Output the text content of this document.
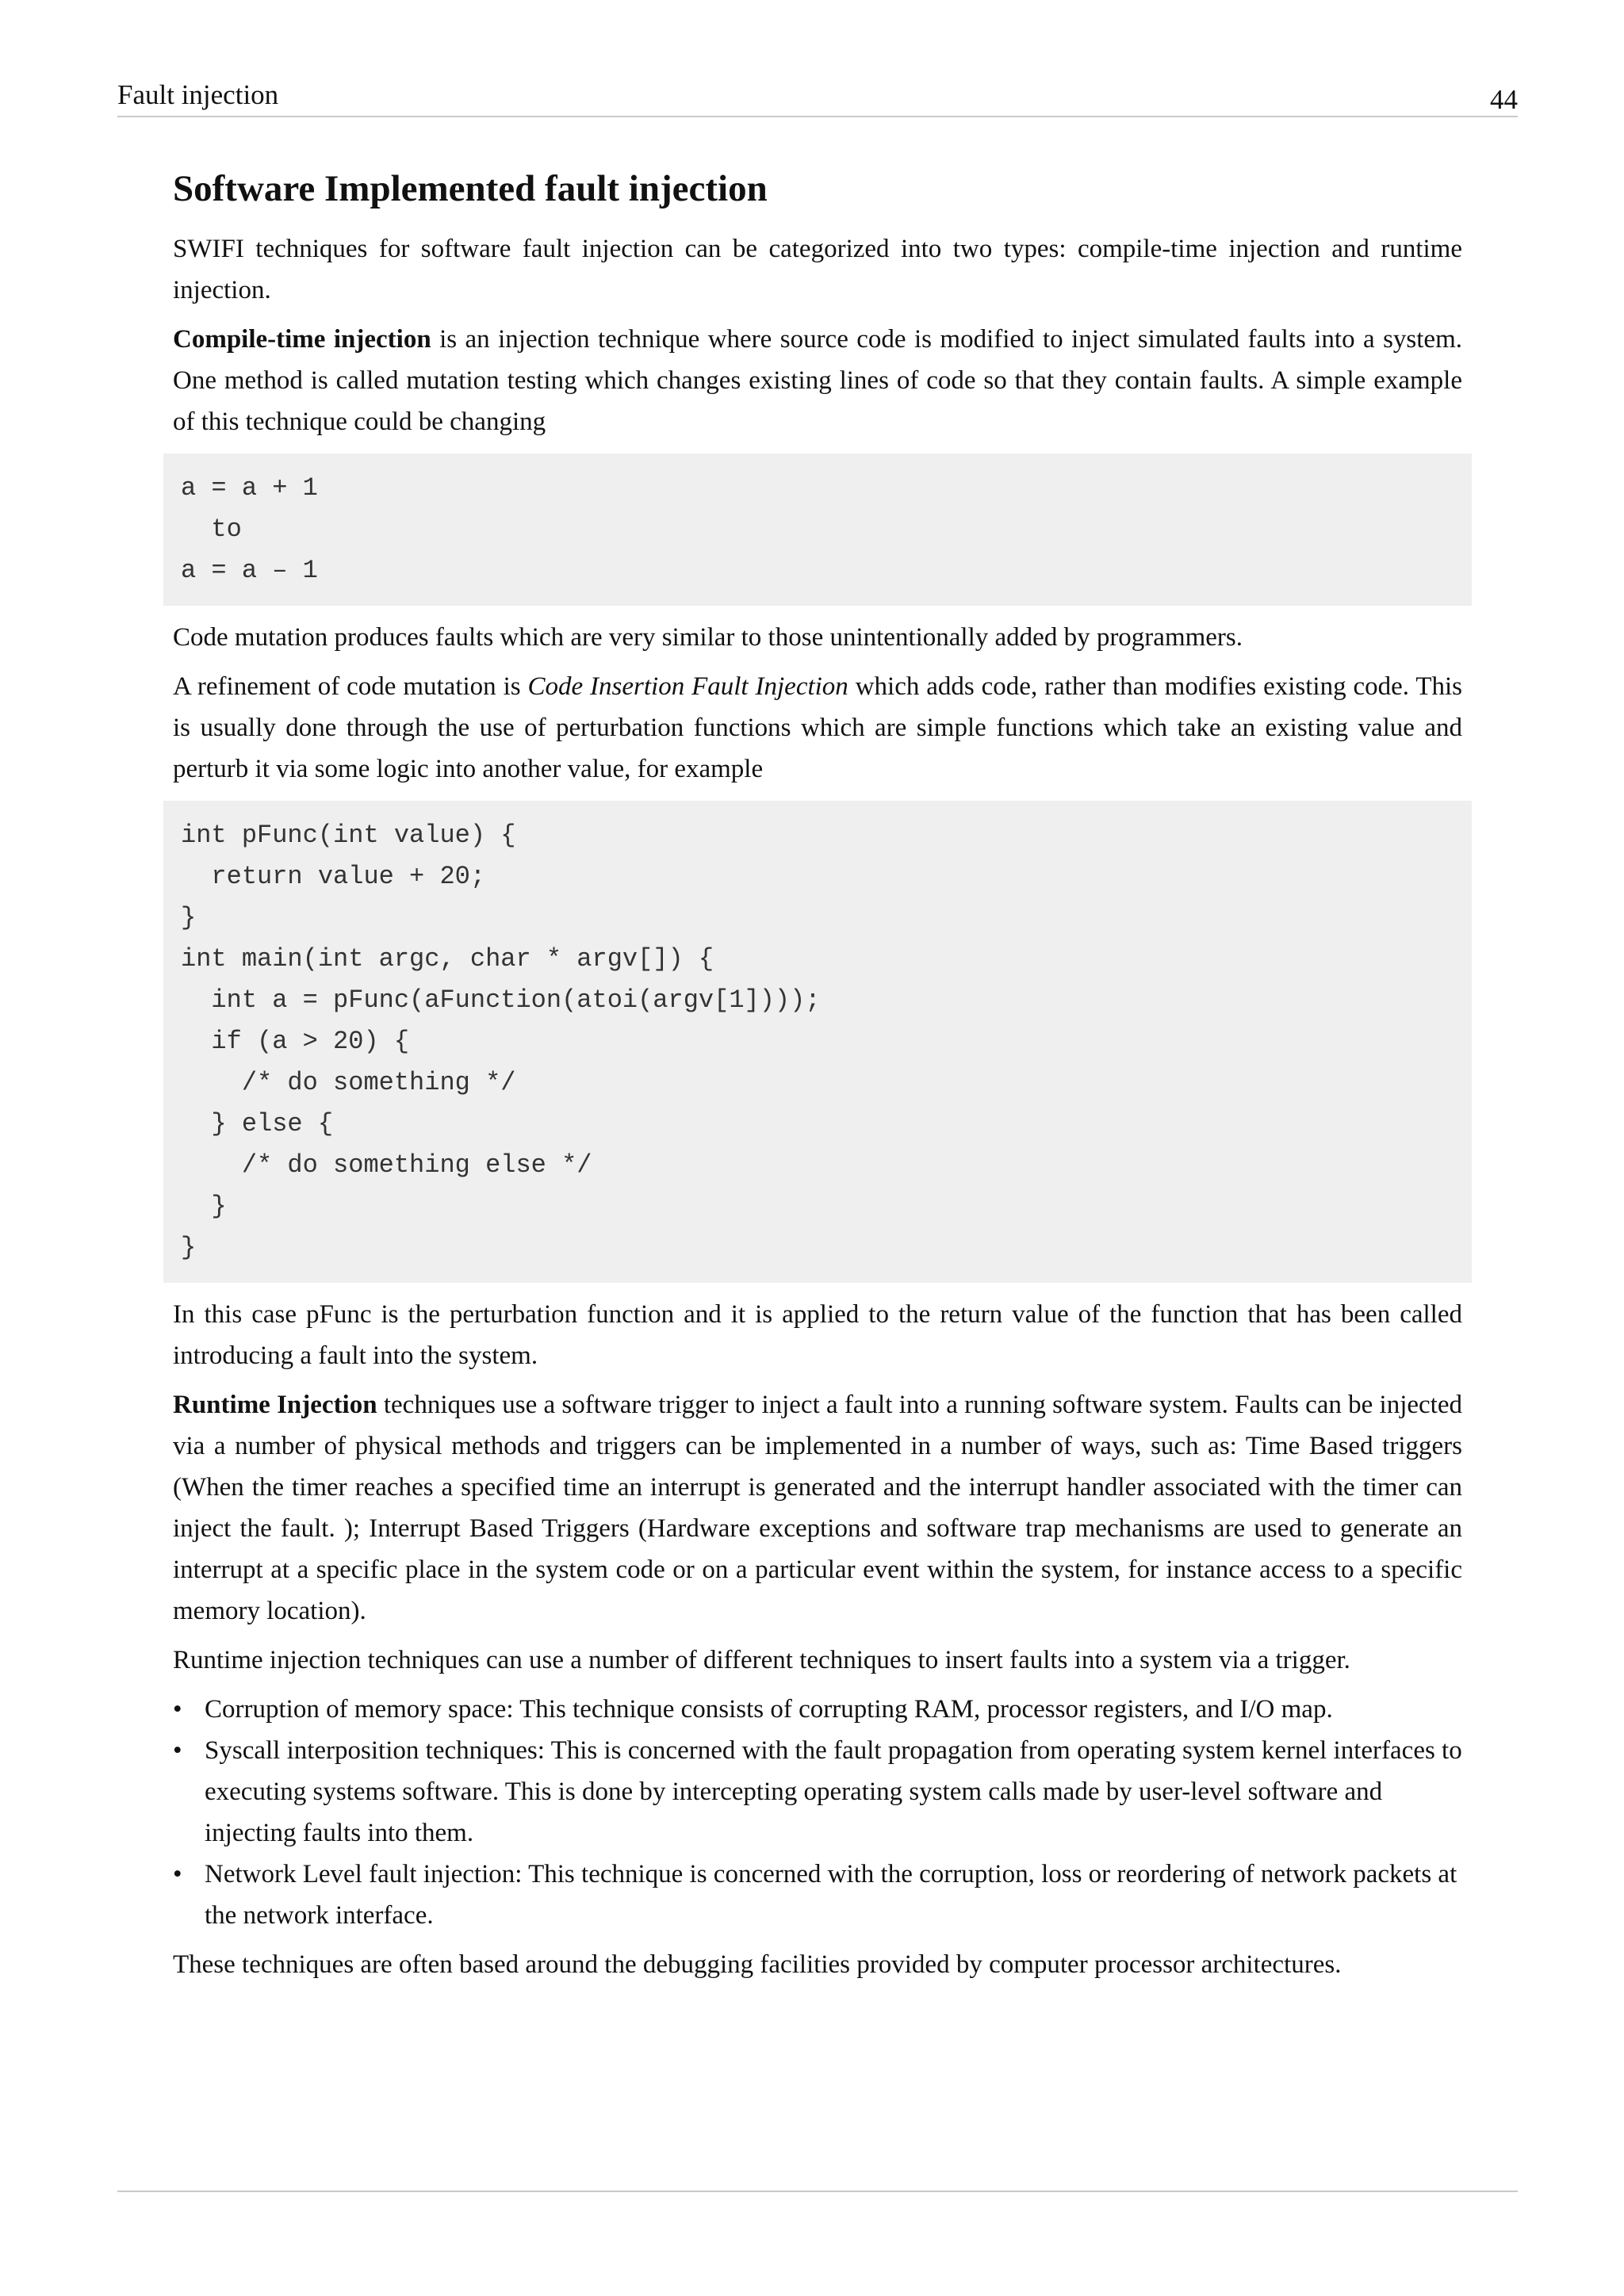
Fault injection	44
Software Implemented fault injection

SWIFI techniques for software fault injection can be categorized into two types: compile-time injection and runtime injection.

Compile-time injection is an injection technique where source code is modified to inject simulated faults into a system. One method is called mutation testing which changes existing lines of code so that they contain faults. A simple example of this technique could be changing

a = a + 1
to
a = a – 1

Code mutation produces faults which are very similar to those unintentionally added by programmers.

A refinement of code mutation is Code Insertion Fault Injection which adds code, rather than modifies existing code. This is usually done through the use of perturbation functions which are simple functions which take an existing value and perturb it via some logic into another value, for example

int pFunc(int value) {
return value + 20;
}
int main(int argc, char * argv[]) {
int a = pFunc(aFunction(atoi(argv[1])));
if (a > 20) {
/* do something */
} else {
/* do something else */
}
}

In this case pFunc is the perturbation function and it is applied to the return value of the function that has been called introducing a fault into the system.

Runtime Injection techniques use a software trigger to inject a fault into a running software system. Faults can be injected via a number of physical methods and triggers can be implemented in a number of ways, such as: Time Based triggers (When the timer reaches a specified time an interrupt is generated and the interrupt handler associated with the timer can inject the fault. ); Interrupt Based Triggers (Hardware exceptions and software trap mechanisms are used to generate an interrupt at a specific place in the system code or on a particular event within the system, for instance access to a specific memory location).

Runtime injection techniques can use a number of different techniques to insert faults into a system via a trigger.

• Corruption of memory space: This technique consists of corrupting RAM, processor registers, and I/O map.
• Syscall interposition techniques: This is concerned with the fault propagation from operating system kernel interfaces to executing systems software. This is done by intercepting operating system calls made by user-level software and injecting faults into them.
• Network Level fault injection: This technique is concerned with the corruption, loss or reordering of network packets at the network interface.

These techniques are often based around the debugging facilities provided by computer processor architectures.
